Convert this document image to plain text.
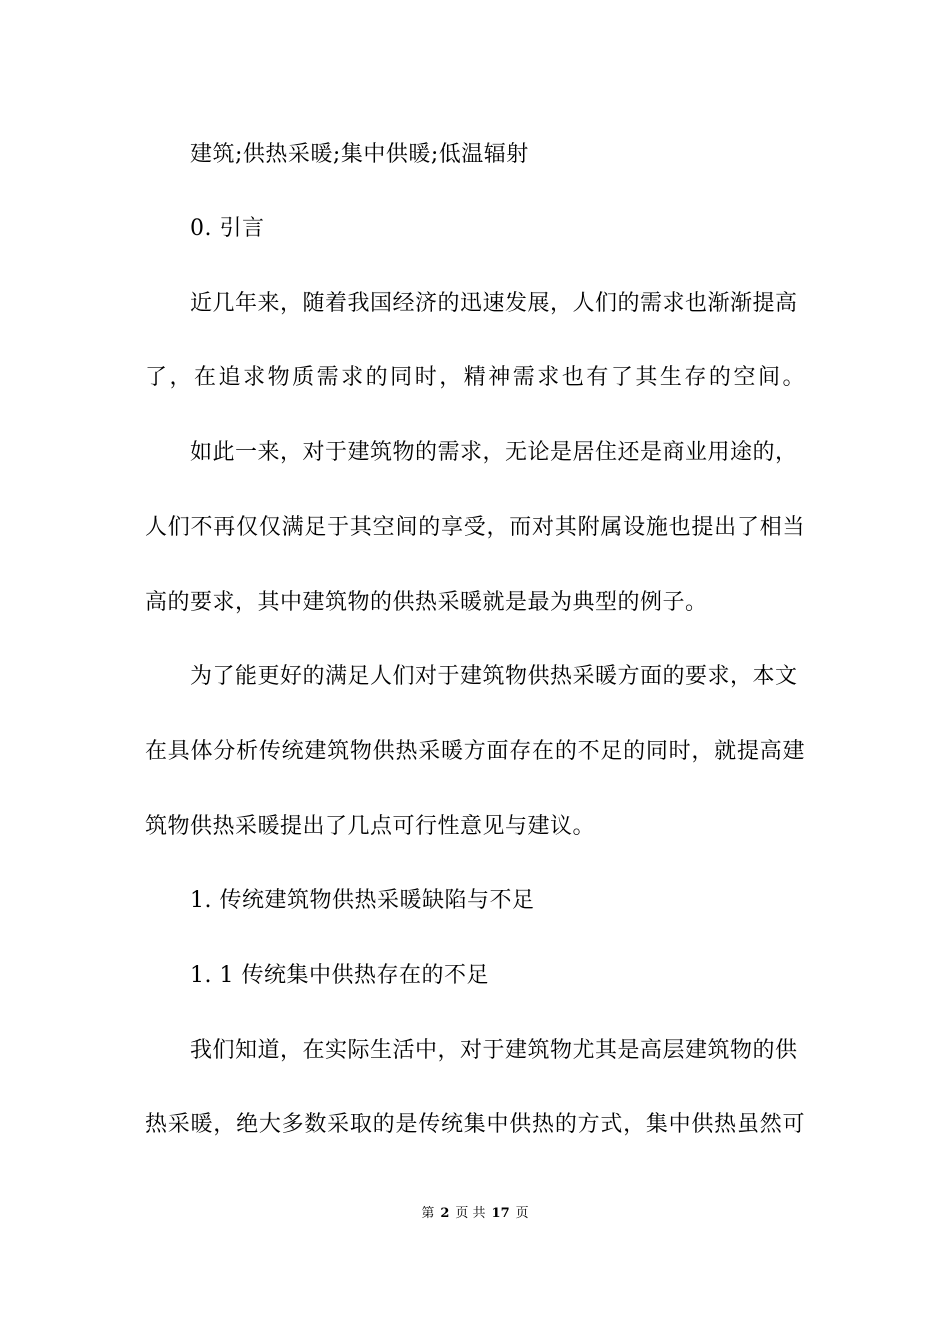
建筑;供热采暖;集中供暖;低温辐射
0. 引言
近几年来，随着我国经济的迅速发展，人们的需求也渐渐提高
了，在追求物质需求的同时，精神需求也有了其生存的空间。
如此一来，对于建筑物的需求，无论是居住还是商业用途的，
人们不再仅仅满足于其空间的享受，而对其附属设施也提出了相当
高的要求，其中建筑物的供热采暖就是最为典型的例子。
为了能更好的满足人们对于建筑物供热采暖方面的要求，本文
在具体分析传统建筑物供热采暖方面存在的不足的同时，就提高建
筑物供热采暖提出了几点可行性意见与建议。
1. 传统建筑物供热采暖缺陷与不足
1. 1 传统集中供热存在的不足
我们知道，在实际生活中，对于建筑物尤其是高层建筑物的供
热采暖，绝大多数采取的是传统集中供热的方式，集中供热虽然可
第 2 页 共 17 页
